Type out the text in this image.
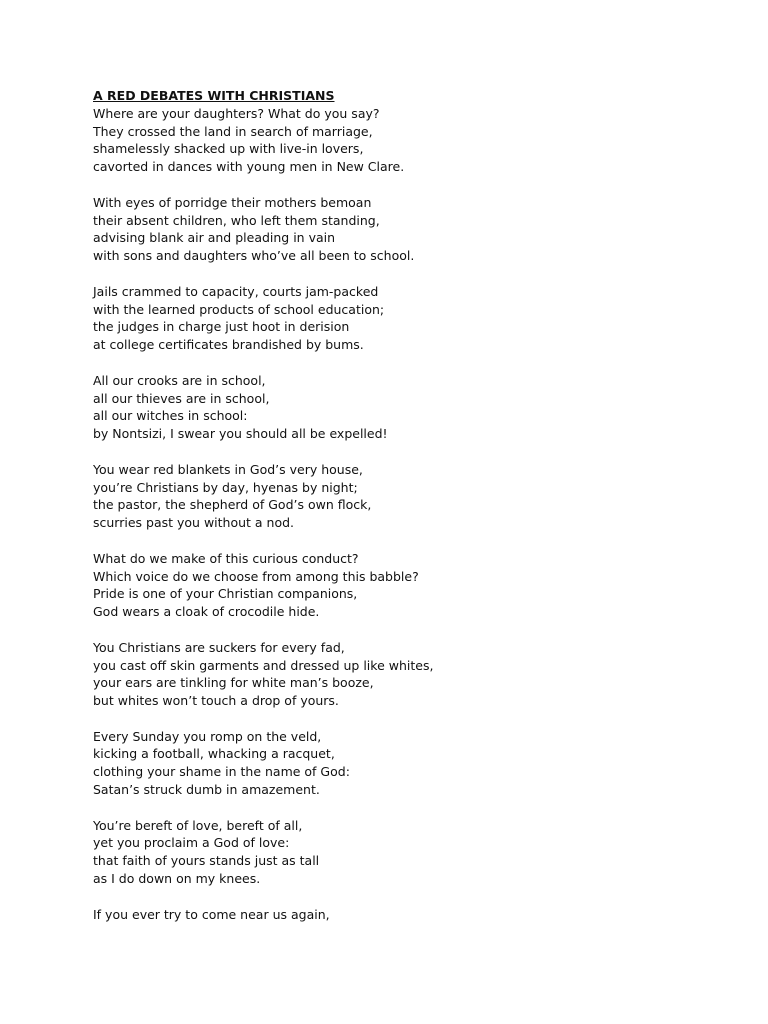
A RED DEBATES WITH CHRISTIANS
Where are your daughters? What do you say?
They crossed the land in search of marriage,
shamelessly shacked up with live-in lovers,
cavorted in dances with young men in New Clare.
With eyes of porridge their mothers bemoan
their absent children, who left them standing,
advising blank air and pleading in vain
with sons and daughters who’ve all been to school.
Jails crammed to capacity, courts jam-packed
with the learned products of school education;
the judges in charge just hoot in derision
at college certificates brandished by bums.
All our crooks are in school,
all our thieves are in school,
all our witches in school:
by Nontsizi, I swear you should all be expelled!
You wear red blankets in God’s very house,
you’re Christians by day, hyenas by night;
the pastor, the shepherd of God’s own flock,
scurries past you without a nod.
What do we make of this curious conduct?
Which voice do we choose from among this babble?
Pride is one of your Christian companions,
God wears a cloak of crocodile hide.
You Christians are suckers for every fad,
you cast off skin garments and dressed up like whites,
your ears are tinkling for white man’s booze,
but whites won’t touch a drop of yours.
Every Sunday you romp on the veld,
kicking a football, whacking a racquet,
clothing your shame in the name of God:
Satan’s struck dumb in amazement.
You’re bereft of love, bereft of all,
yet you proclaim a God of love:
that faith of yours stands just as tall
as I do down on my knees.
If you ever try to come near us again,
